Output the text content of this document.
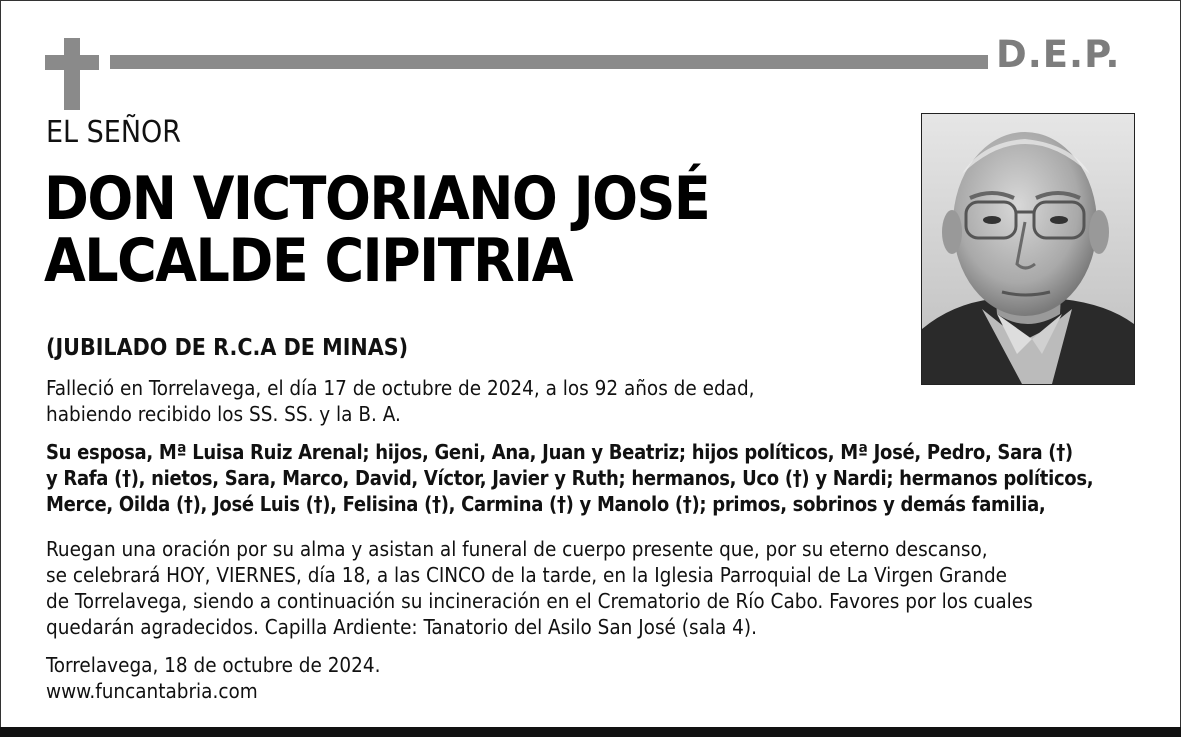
D.E.P.
EL SEÑOR
DON VICTORIANO JOSÉ
ALCALDE CIPITRIA
(JUBILADO DE R.C.A DE MINAS)
Falleció en Torrelavega, el día 17 de octubre de 2024, a los 92 años de edad,
habiendo recibido los SS. SS. y la B. A.
Su esposa, Mª Luisa Ruiz Arenal; hijos, Geni, Ana, Juan y Beatriz; hijos políticos, Mª José, Pedro, Sara (†)
y Rafa (†), nietos, Sara, Marco, David, Víctor, Javier y Ruth; hermanos, Uco (†) y Nardi; hermanos políticos,
Merce, Oilda (†), José Luis (†), Felisina (†), Carmina (†) y Manolo (†); primos, sobrinos y demás familia,
Ruegan una oración por su alma y asistan al funeral de cuerpo presente que, por su eterno descanso,
se celebrará HOY, VIERNES, día 18, a las CINCO de la tarde, en la Iglesia Parroquial de La Virgen Grande
de Torrelavega, siendo a continuación su incineración en el Crematorio de Río Cabo. Favores por los cuales
quedarán agradecidos. Capilla Ardiente: Tanatorio del Asilo San José (sala 4).
Torrelavega, 18 de octubre de 2024.
www.funcantabria.com
